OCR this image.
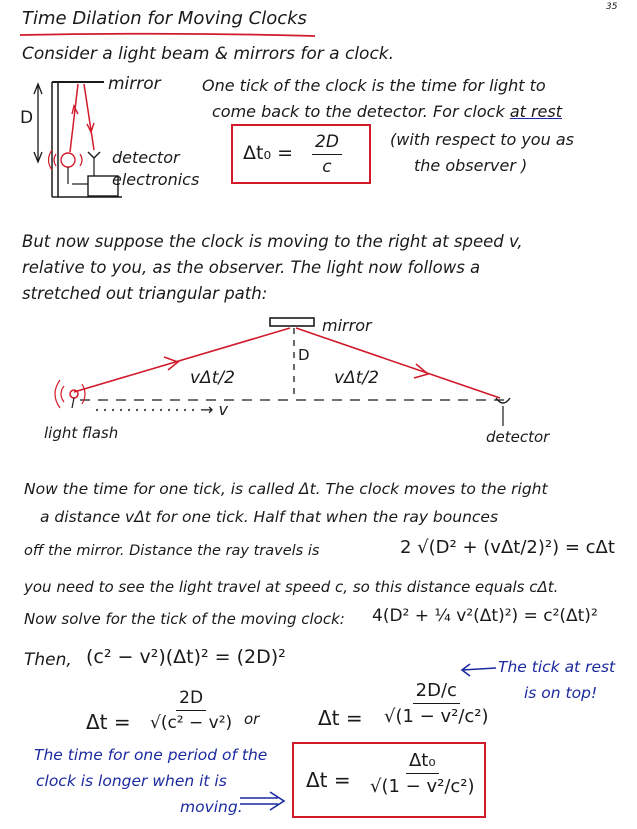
35
Time Dilation for Moving Clocks
Consider a light beam & mirrors for a clock.
mirror
D
detector
electronics
One tick of the clock is the time for light to
come back to the detector. For clock at rest
(with respect to you as
the observer )
$\Delta t_0 = \frac{2D}{c}$
But now suppose the clock is moving to the right at speed v,
relative to you, as the observer. The light now follows a
stretched out triangular path:
mirror
D
vΔt/2	vΔt/2
→ v
light flash	detector
Now the time for one tick, is called Δt. The clock moves to the right
a distance vΔt for one tick. Half that when the ray bounces
off the mirror. Distance the ray travels is	2 √(D² + (vΔt/2)²) = cΔt
you need to see the light travel at speed c, so this distance equals cΔt.
Now solve for the tick of the moving clock: 4(D² + ¼ v²(Δt)²) = c²(Δt)²
Then, (c² − v²)(Δt)² = (2D)²
$\Delta t = \frac{2D}{\text{√(c² − v²)}}$ or	$\Delta t = \frac{2D/c}{\text{√(1 − v²/c²)}}$
The tick at rest
is on top!
The time for one period of the
clock is longer when it is
moving.
$\Delta t = \frac{\text{Δt₀}}{\text{√(1 − v²/c²)}}$
